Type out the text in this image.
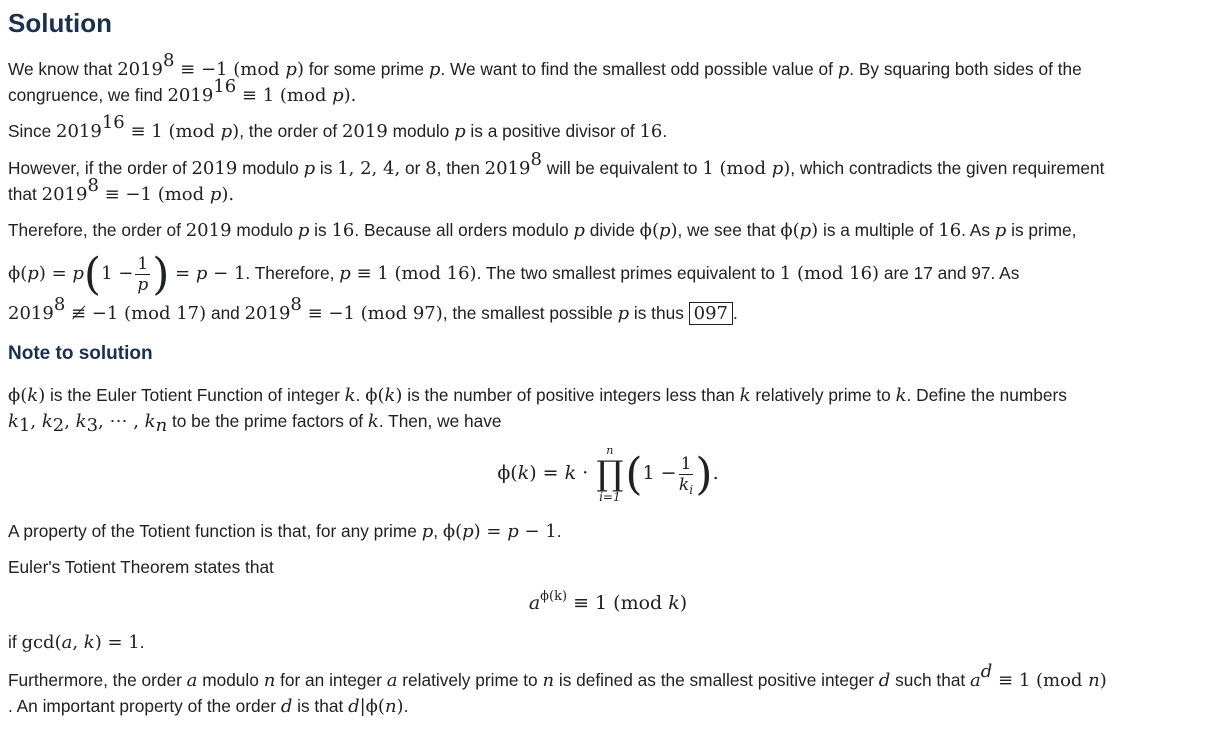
Solution
We know that $2019^8 \equiv -1$ (mod p) for some prime p. We want to find the smallest odd possible value of p. By squaring both sides of the
congruence, we find $2019^{16} \equiv 1$ (mod p).
Since $2019^{16} \equiv 1$ (mod p), the order of 2019 modulo p is a positive divisor of 16.
However, if the order of 2019 modulo p is 1, 2, 4, or 8, then 2019$^8$ will be equivalent to 1 (mod p), which contradicts the given requirement
that $2019^8 \equiv -1$ (mod p).
Therefore, the order of 2019 modulo p is 16. Because all orders modulo p divide ϕ(p), we see that ϕ(p) is a multiple of 16. As p is prime,
$\phi(p) = p(1 - \frac{1}{p}$ ) = p − 1. Therefore, p ≡ 1 (mod 16). The two smallest primes equivalent to 1 (mod 16) are 17 and 97. As
2019$^8$ ≢ −1 (mod 17) and $2019^8 \equiv -1$ (mod 97), the smallest possible p is thus 097 .
Note to solution
ϕ(k) is the Euler Totient Function of integer k. ϕ(k) is the number of positive integers less than k relatively prime to k. Define the numbers
$k_1$, $k_2$, $k_3$, ⋯ , $k_n$ to be the prime factors of k. Then, we have
ϕ(k) = k ·
n
∏
i=1 ($1 - \frac{1}{k_i}$ ).
A property of the Totient function is that, for any prime p, ϕ(p) = p − 1.
Euler's Totient Theorem states that
$a^{\phi(k)} \equiv 1$ (mod k)
if gcd(a, k) = 1.
Furthermore, the order a modulo n for an integer a relatively prime to n is defined as the smallest positive integer d such that $a^d \equiv 1$ (mod n)
. An important property of the order d is that d|ϕ(n).
